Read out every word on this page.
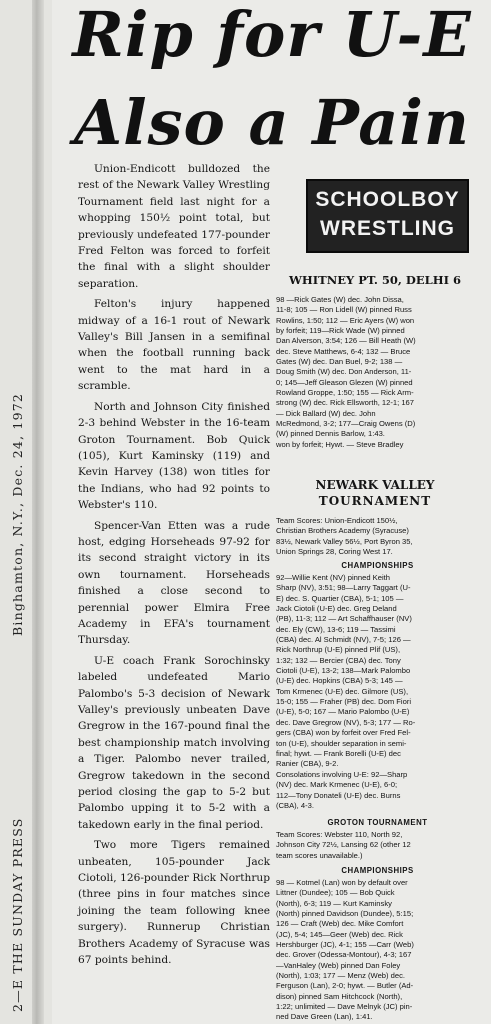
2—E THE SUNDAY PRESS
Binghamton, N.Y., Dec. 24, 1972
Rip for U-E
Also a Pain

Union-Endicott bulldozed the rest of the Newark Valley Wrestling Tournament field last night for a whopping 150½ point total, but previously undefeated 177-pounder Fred Felton was forced to forfeit the final with a slight shoulder separation.

Felton's injury happened midway of a 16-1 rout of Newark Valley's Bill Jansen in a semifinal when the football running back went to the mat hard in a scramble.

North and Johnson City finished 2-3 behind Webster in the 16-team Groton Tournament. Bob Quick (105), Kurt Kaminsky (119) and Kevin Harvey (138) won titles for the Indians, who had 92 points to Webster's 110.

Spencer-Van Etten was a rude host, edging Horseheads 97-92 for its second straight victory in its own tournament. Horseheads finished a close second to perennial power Elmira Free Academy in EFA's tournament Thursday.

U-E coach Frank Sorochinsky labeled undefeated Mario Palombo's 5-3 decision of Newark Valley's previously unbeaten Dave Gregrow in the 167-pound final the best championship match involving a Tiger. Palombo never trailed, Gregrow takedown in the second period closing the gap to 5-2 but Palombo upping it to 5-2 with a takedown early in the final period.

Two more Tigers remained unbeaten, 105-pounder Jack Ciotoli, 126-pounder Rick Northrup (three pins in four matches since joining the team following knee surgery). Runnerup Christian Brothers Academy of Syracuse was 67 points behind.

SCHOOLBOY
WRESTLING
WHITNEY PT. 50, DELHI 6
98 —Rick Gates (W) dec. John Dissa,
11-8; 105 — Ron Lidell (W) pinned Russ
Rowlins, 1:50; 112 — Eric Ayers (W) won
by forfeit; 119—Rick Wade (W) pinned
Dan Alverson, 3:54; 126 — Bill Heath (W)
dec. Steve Matthews, 6-4; 132 — Bruce
Gates (W) dec. Dan Buel, 9-2; 138 —
Doug Smith (W) dec. Don Anderson, 11-
0; 145—Jeff Gleason Glezen (W) pinned
Rowland Groppe, 1:50; 155 — Rick Arm-
strong (W) dec. Rick Ellsworth, 12-1; 167
— Dick Ballard (W) dec. John
McRedmond, 3-2; 177—Craig Owens (D)
(W) pinned Dennis Barlow, 1:43.
won by forfeit; Hywt. — Steve Bradley
NEWARK VALLEY
TOURNAMENT
Team Scores: Union-Endicott 150½,
Christian Brothers Academy (Syracuse)
83½, Newark Valley 56½, Port Byron 35,
Union Springs 28, Coring West 17.
CHAMPIONSHIPS
92—Willie Kent (NV) pinned Keith
Sharp (NV), 3:51; 98—Larry Taggart (U-
E) dec. S. Quartier (CBA), 5-1; 105 —
Jack Ciotoli (U-E) dec. Greg Deland
(PB), 11-3; 112 — Art Schaffhauser (NV)
dec. Ely (CW), 13-6; 119 — Tassimi
(CBA) dec. Al Schmidt (NV), 7-5; 126 —
Rick Northrup (U-E) pinned Plif (US),
1:32; 132 — Bercier (CBA) dec. Tony
Ciotoli (U-E), 13-2; 138—Mark Palombo
(U-E) dec. Hopkins (CBA) 5-3; 145 —
Tom Krmenec (U-E) dec. Gilmore (US),
15-0; 155 — Fraher (PB) dec. Dom Fiori
(U-E), 5-0; 167 — Mario Palombo (U-E)
dec. Dave Gregrow (NV), 5-3; 177 — Ro-
gers (CBA) won by forfeit over Fred Fel-
ton (U-E), shoulder separation in semi-
final; hywt. — Frank Borelli (U-E) dec
Ranier (CBA), 9-2.
Consolations involving U-E: 92—Sharp
(NV) dec. Mark Krmenec (U-E), 6-0;
112—Tony Donateli (U-E) dec. Burns
(CBA), 4-3.
GROTON TOURNAMENT
Team Scores: Webster 110, North 92,
Johnson City 72½, Lansing 62 (other 12
team scores unavailable.)
CHAMPIONSHIPS
98 — Kotmel (Lan) won by default over
Littner (Dundee); 105 — Bob Quick
(North), 6-3; 119 — Kurt Kaminsky
(North) pinned Davidson (Dundee), 5:15;
126 — Craft (Web) dec. Mike Comfort
(JC), 5-4; 145—Geer (Web) dec. Rick
Hershburger (JC), 4-1; 155 —Carr (Web)
dec. Grover (Odessa-Montour), 4-3; 167
—VanHaley (Web) pinned Dan Foley
(North), 1:03; 177 — Menz (Web) dec.
Ferguson (Lan), 2-0; hywt. — Butler (Ad-
dison) pinned Sam Hitchcock (North),
1:22; unlimited — Dave Melnyk (JC) pin-
ned Dave Green (Lan), 1:41.
